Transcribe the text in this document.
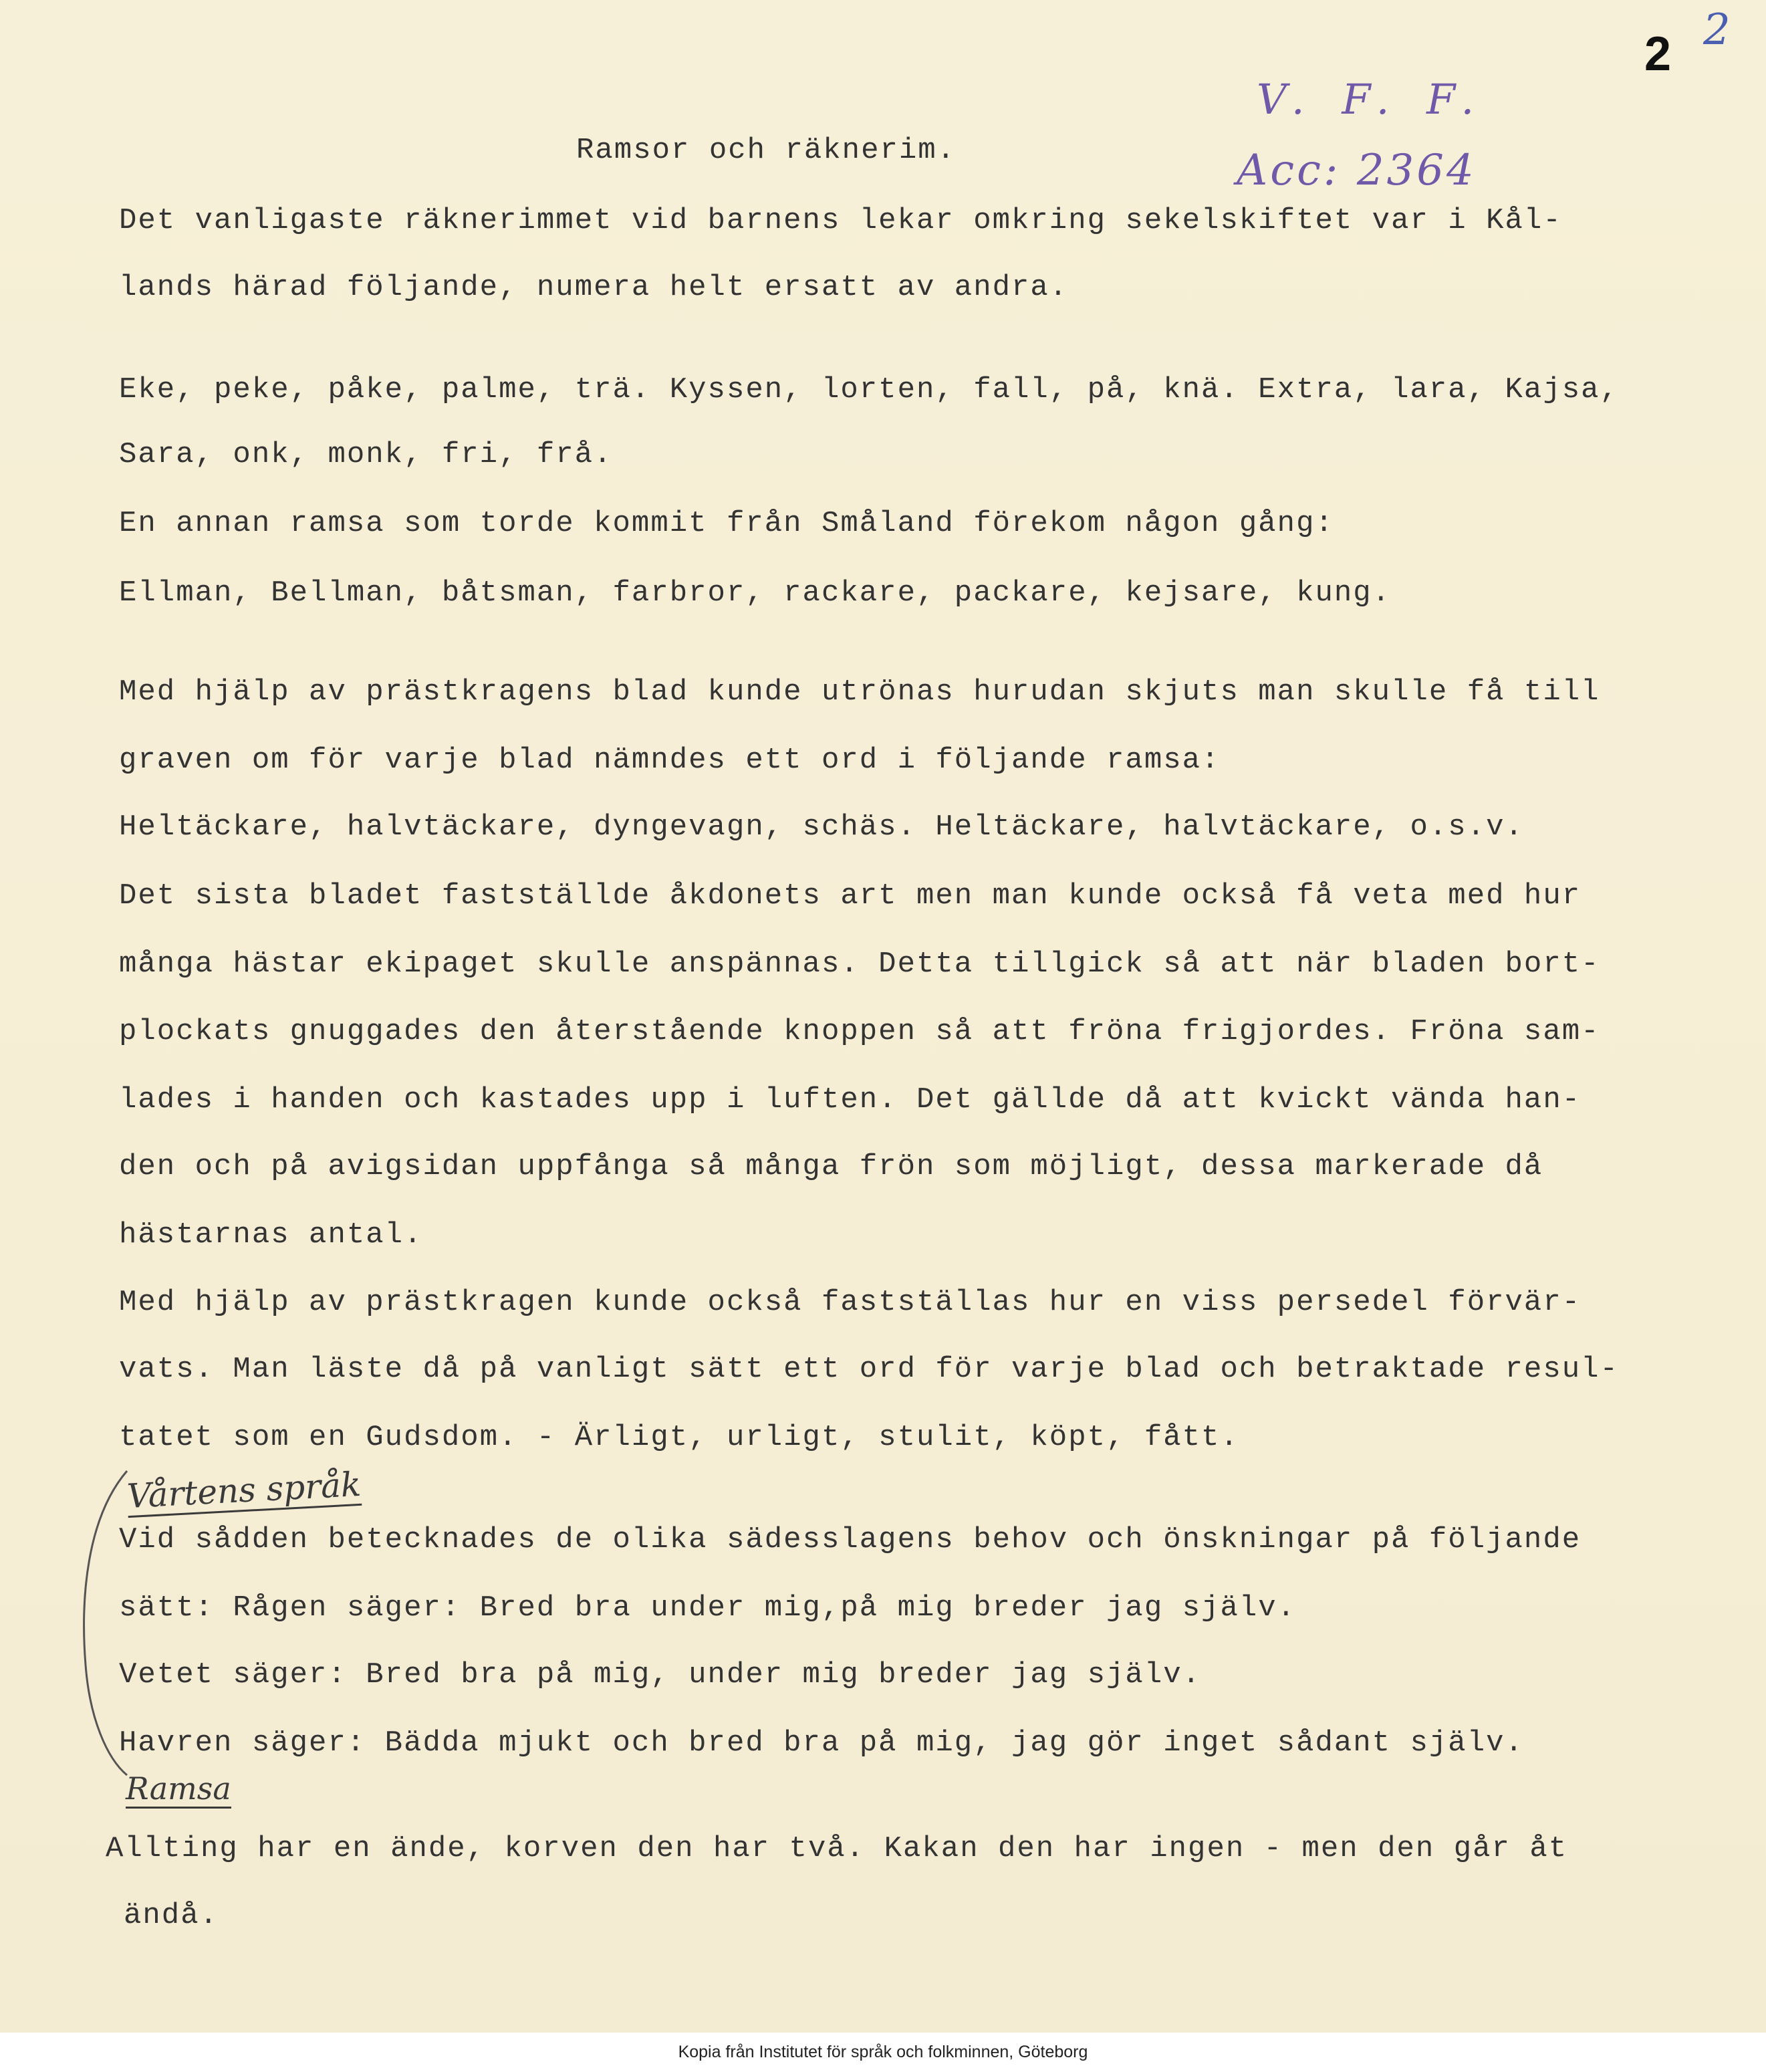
2 2
V. F. F.
Acc: 2364
Ramsor och räknerim.
Det vanligaste räknerimmet vid barnens lekar omkring sekelskiftet var i Kål-
lands härad följande, numera helt ersatt av andra.
Eke, peke, påke, palme, trä. Kyssen, lorten, fall, på, knä. Extra, lara, Kajsa,
Sara, onk, monk, fri, frå.
En annan ramsa som torde kommit från Småland förekom någon gång:
Ellman, Bellman, båtsman, farbror, rackare, packare, kejsare, kung.
Med hjälp av prästkragens blad kunde utrönas hurudan skjuts man skulle få till
graven om för varje blad nämndes ett ord i följande ramsa:
Heltäckare, halvtäckare, dyngevagn, schäs. Heltäckare, halvtäckare, o.s.v.
Det sista bladet fastställde åkdonets art men man kunde också få veta med hur
många hästar ekipaget skulle anspännas. Detta tillgick så att när bladen bort-
plockats gnuggades den återstående knoppen så att fröna frigjordes. Fröna sam-
lades i handen och kastades upp i luften. Det gällde då att kvickt vända han-
den och på avigsidan uppfånga så många frön som möjligt, dessa markerade då
hästarnas antal.
Med hjälp av prästkragen kunde också fastställas hur en viss persedel förvär-
vats. Man läste då på vanligt sätt ett ord för varje blad och betraktade resul-
tatet som en Gudsdom. - Ärligt, urligt, stulit, köpt, fått.
Vårtens språk
Vid sådden betecknades de olika sädesslagens behov och önskningar på följande
sätt: Rågen säger: Bred bra under mig,på mig breder jag själv.
Vetet säger: Bred bra på mig, under mig breder jag själv.
Havren säger: Bädda mjukt och bred bra på mig, jag gör inget sådant själv.
Ramsa
Allting har en ände, korven den har två. Kakan den har ingen - men den går åt
ändå.
Kopia från Institutet för språk och folkminnen, Göteborg
